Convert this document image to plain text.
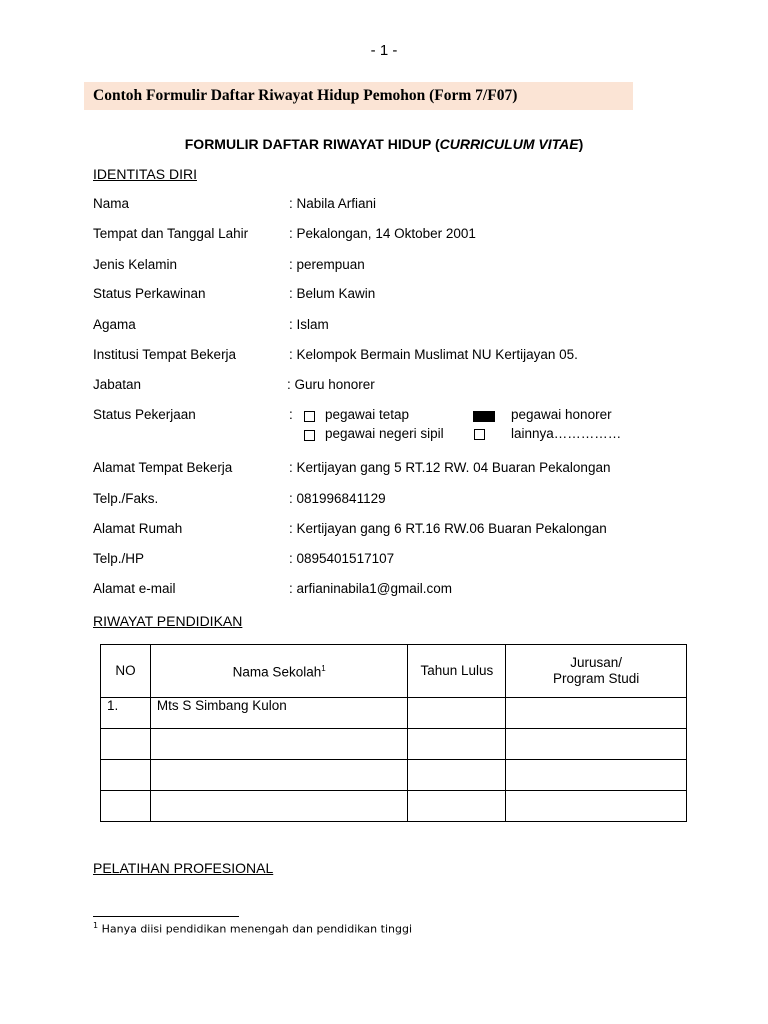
- 1 -
Contoh Formulir Daftar Riwayat Hidup Pemohon (Form 7/F07)
FORMULIR DAFTAR RIWAYAT HIDUP (CURRICULUM VITAE)
IDENTITAS DIRI
Nama	: Nabila Arfiani
Tempat dan Tanggal Lahir	: Pekalongan, 14 Oktober 2001
Jenis Kelamin	: perempuan
Status Perkawinan	: Belum Kawin
Agama	: Islam
Institusi Tempat Bekerja	: Kelompok Bermain Muslimat NU Kertijayan 05.
Jabatan	: Guru honorer
Status Pekerjaan	: pegawai tetap	pegawai honorer
pegawai negeri sipil	lainnya……………
Alamat Tempat Bekerja	: Kertijayan gang 5 RT.12 RW. 04 Buaran Pekalongan
Telp./Faks.	: 081996841129
Alamat Rumah	: Kertijayan gang 6 RT.16 RW.06 Buaran Pekalongan
Telp./HP	: 0895401517107
Alamat e-mail	: arfianinabila1@gmail.com
RIWAYAT PENDIDIKAN
NO	Nama Sekolah$^1$	Tahun Lulus	Jurusan/
Program Studi
1.	Mts S Simbang Kulon		

PELATIHAN PROFESIONAL
$^1$ Hanya diisi pendidikan menengah dan pendidikan tinggi
